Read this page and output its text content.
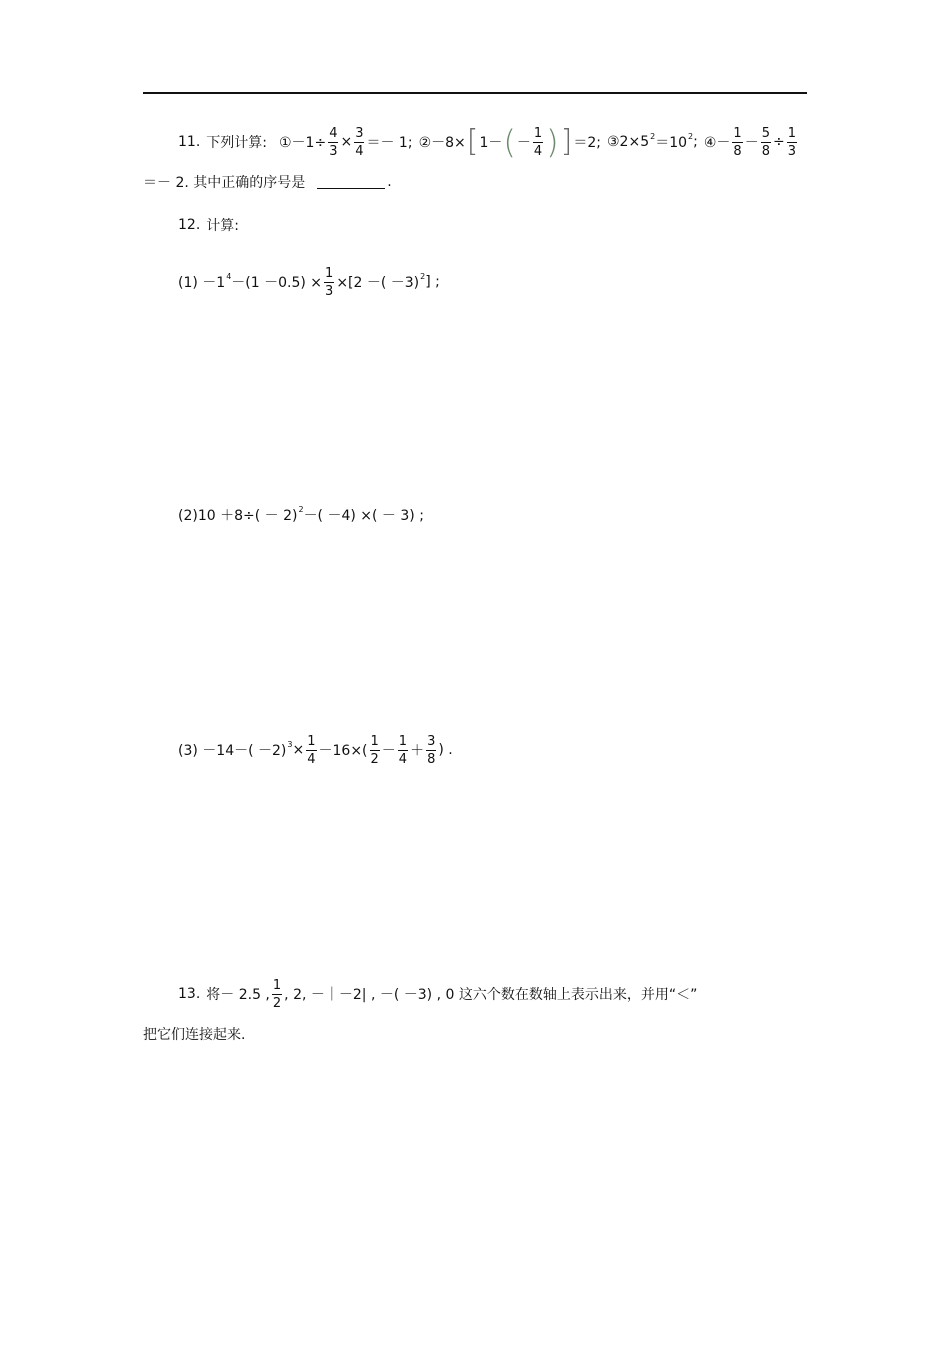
11. 下列计算: ①－1÷ $\frac{4}{3} \times \frac{3}{4} =- 1$; ②－8× [ 1－ ( － $\frac{1}{4}$ ) ] ＝2; $③2\times 5^2 =10^2$ ; ④－ $\frac{1}{8} - \frac{5}{8} \div \frac{1}{3}$
＝－ 2. 其中正确的序号是	.
12. 计算:
$(1) -1^4 -(1 -0.5) \times \frac{1}{3} \times[2$ －( －3)$^2$ ] ;
$(2)10 +8\div( - 2)^2$ －( －4) ×( － 3) ;
$(3) -14-( -2)^3 \times \frac{1}{4} -16\times( \frac{1}{2} - \frac{1}{4} + \frac{3}{8}$ ) .
13. 将－ 2.5 , $\frac{1}{2}$ , 2, －｜－2| , －( －3) , 0 这六个数在数轴上表示出来，并用“＜”
把它们连接起来.
